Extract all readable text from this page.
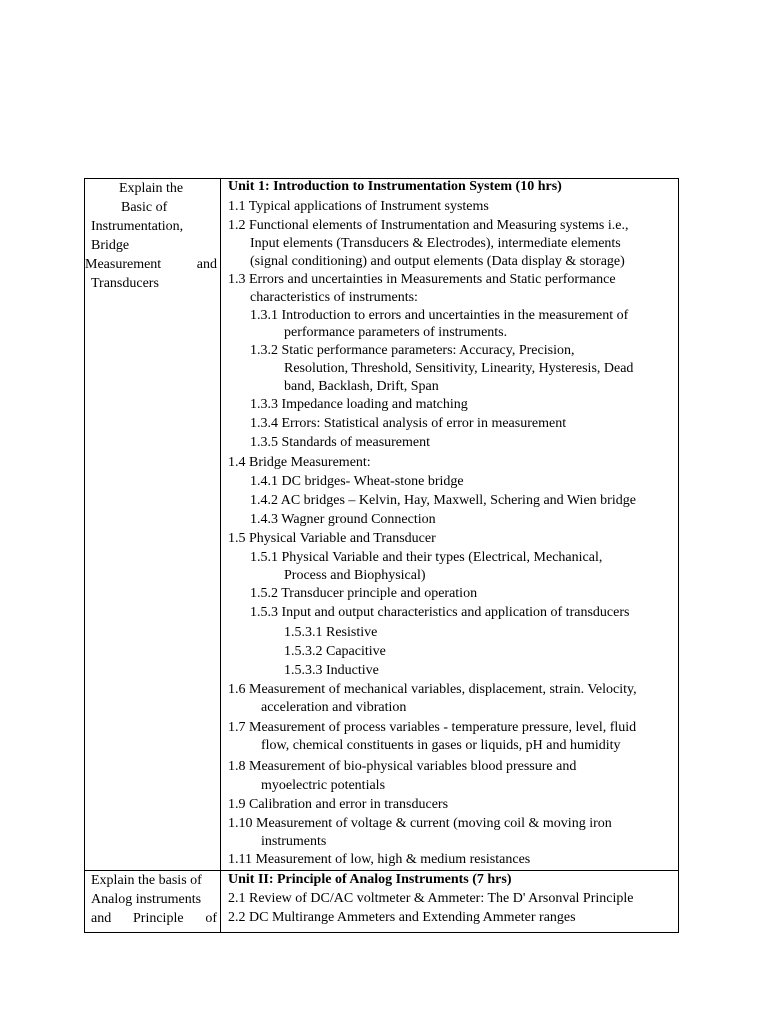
Explain the
Basic of
Instrumentation,
Bridge
Measurement and
Transducers
Unit 1: Introduction to Instrumentation System (10 hrs)
1.1 Typical applications of Instrument systems
1.2 Functional elements of Instrumentation and Measuring systems i.e.,
Input elements (Transducers & Electrodes), intermediate elements
(signal conditioning) and output elements (Data display & storage)
1.3 Errors and uncertainties in Measurements and Static performance
characteristics of instruments:
1.3.1 Introduction to errors and uncertainties in the measurement of
performance parameters of instruments.
1.3.2 Static performance parameters: Accuracy, Precision,
Resolution, Threshold, Sensitivity, Linearity, Hysteresis, Dead
band, Backlash, Drift, Span
1.3.3 Impedance loading and matching
1.3.4 Errors: Statistical analysis of error in measurement
1.3.5 Standards of measurement
1.4 Bridge Measurement:
1.4.1 DC bridges- Wheat-stone bridge
1.4.2 AC bridges – Kelvin, Hay, Maxwell, Schering and Wien bridge
1.4.3 Wagner ground Connection
1.5 Physical Variable and Transducer
1.5.1 Physical Variable and their types (Electrical, Mechanical,
Process and Biophysical)
1.5.2 Transducer principle and operation
1.5.3 Input and output characteristics and application of transducers
1.5.3.1 Resistive
1.5.3.2 Capacitive
1.5.3.3 Inductive
1.6 Measurement of mechanical variables, displacement, strain. Velocity,
acceleration and vibration
1.7 Measurement of process variables - temperature pressure, level, fluid
flow, chemical constituents in gases or liquids, pH and humidity
1.8 Measurement of bio-physical variables blood pressure and
myoelectric potentials
1.9 Calibration and error in transducers
1.10 Measurement of voltage & current (moving coil & moving iron
instruments
1.11 Measurement of low, high & medium resistances
Explain the basis of
Analog instruments
and Principle of
Unit II: Principle of Analog Instruments (7 hrs)
2.1 Review of DC/AC voltmeter & Ammeter: The D' Arsonval Principle
2.2 DC Multirange Ammeters and Extending Ammeter ranges
